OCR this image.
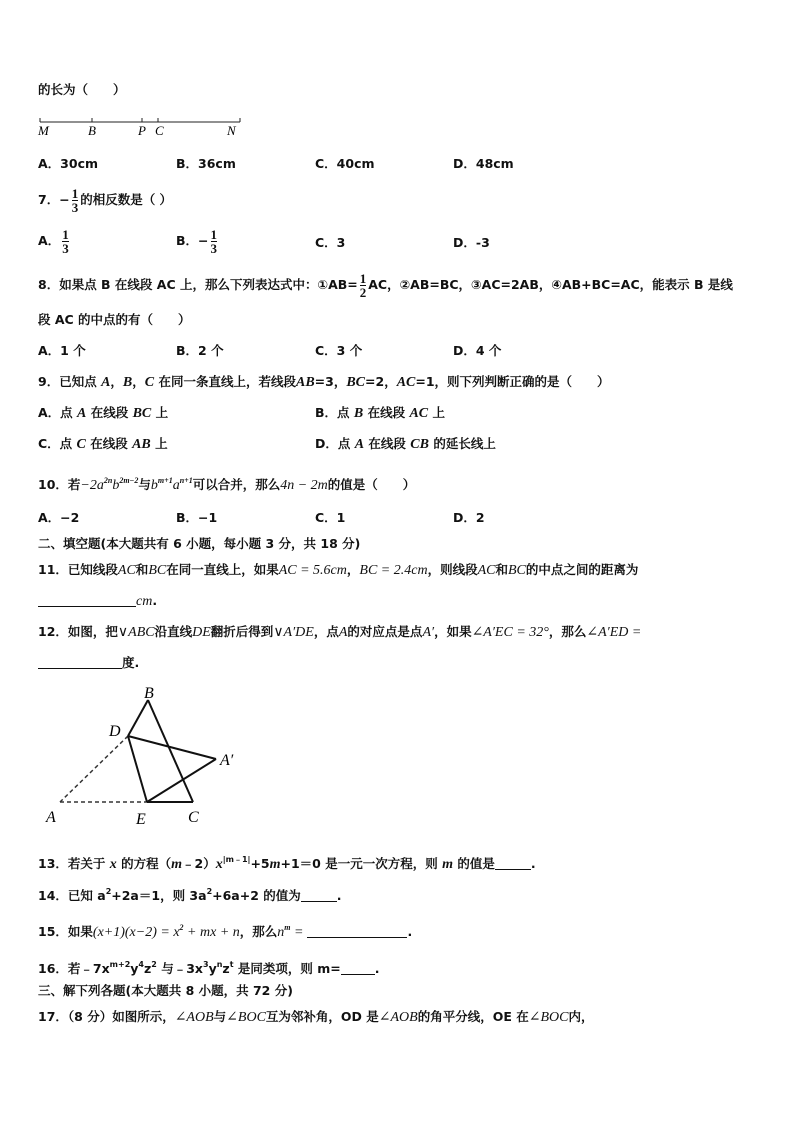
的长为（　　）
M	B	P C	N
A．30cm	B．36cm	C．40cm	D．48cm
7．− $\frac{1}{3}$ 的相反数是（ ）
A． $\frac{1}{3}$	B．− $\frac{1}{3}$	C．3	D．-3
8．如果点 B 在线段 AC 上，那么下列表达式中：①AB= $\frac{1}{2}$ AC，②AB=BC，③AC=2AB，④AB+BC=AC，能表示 B 是线
段 AC 的中点的有（　　）
A．1 个	B．2 个	C．3 个	D．4 个
9．已知点 A，B，C 在同一条直线上，若线段AB=3，BC=2，AC=1，则下列判断正确的是（　　）
A．点 A 在线段 BC 上	B．点 B 在线段 AC 上
C．点 C 在线段 AB 上	D．点 A 在线段 CB 的延长线上
10．若$-2a^{2n}b^{2m-2}$与$b^{m+1}a^{n+1}$可以合并，那么4n − 2m的值是（　　）
A．−2	B．−1	C．1	D．2
二、填空题(本大题共有 6 小题，每小题 3 分，共 18 分)
11．已知线段AC和BC在同一直线上，如果AC = 5.6cm，BC = 2.4cm，则线段AC和BC的中点之间的距离为
cm.
12．如图，把∨ABC沿直线DE翻折后得到∨A′DE，点A的对应点是点A′，如果∠A′EC = 32°，那么∠A′ED =
度.
B
D
A′
A	E	C
13．若关于 x 的方程$(m﹣2)x^{|m﹣1|}+5m+1=0$ 是一元一次方程，则 m 的值是	.
14．已知 $a^2+2a=1$，则 $3a^2+6a+2$ 的值为	.
15．如果$(x+1)(x-2) = x^2$ + mx + n，那么$n^m$ =	.
16．若$﹣7x^{m+2}y^4z^2$ 与$﹣3x^3y^nz^t$ 是同类项，则 m=	.
三、解下列各题(本大题共 8 小题，共 72 分)
17．（8 分）如图所示，∠AOB与∠BOC互为邻补角，OD 是∠AOB的角平分线，OE 在∠BOC内，
